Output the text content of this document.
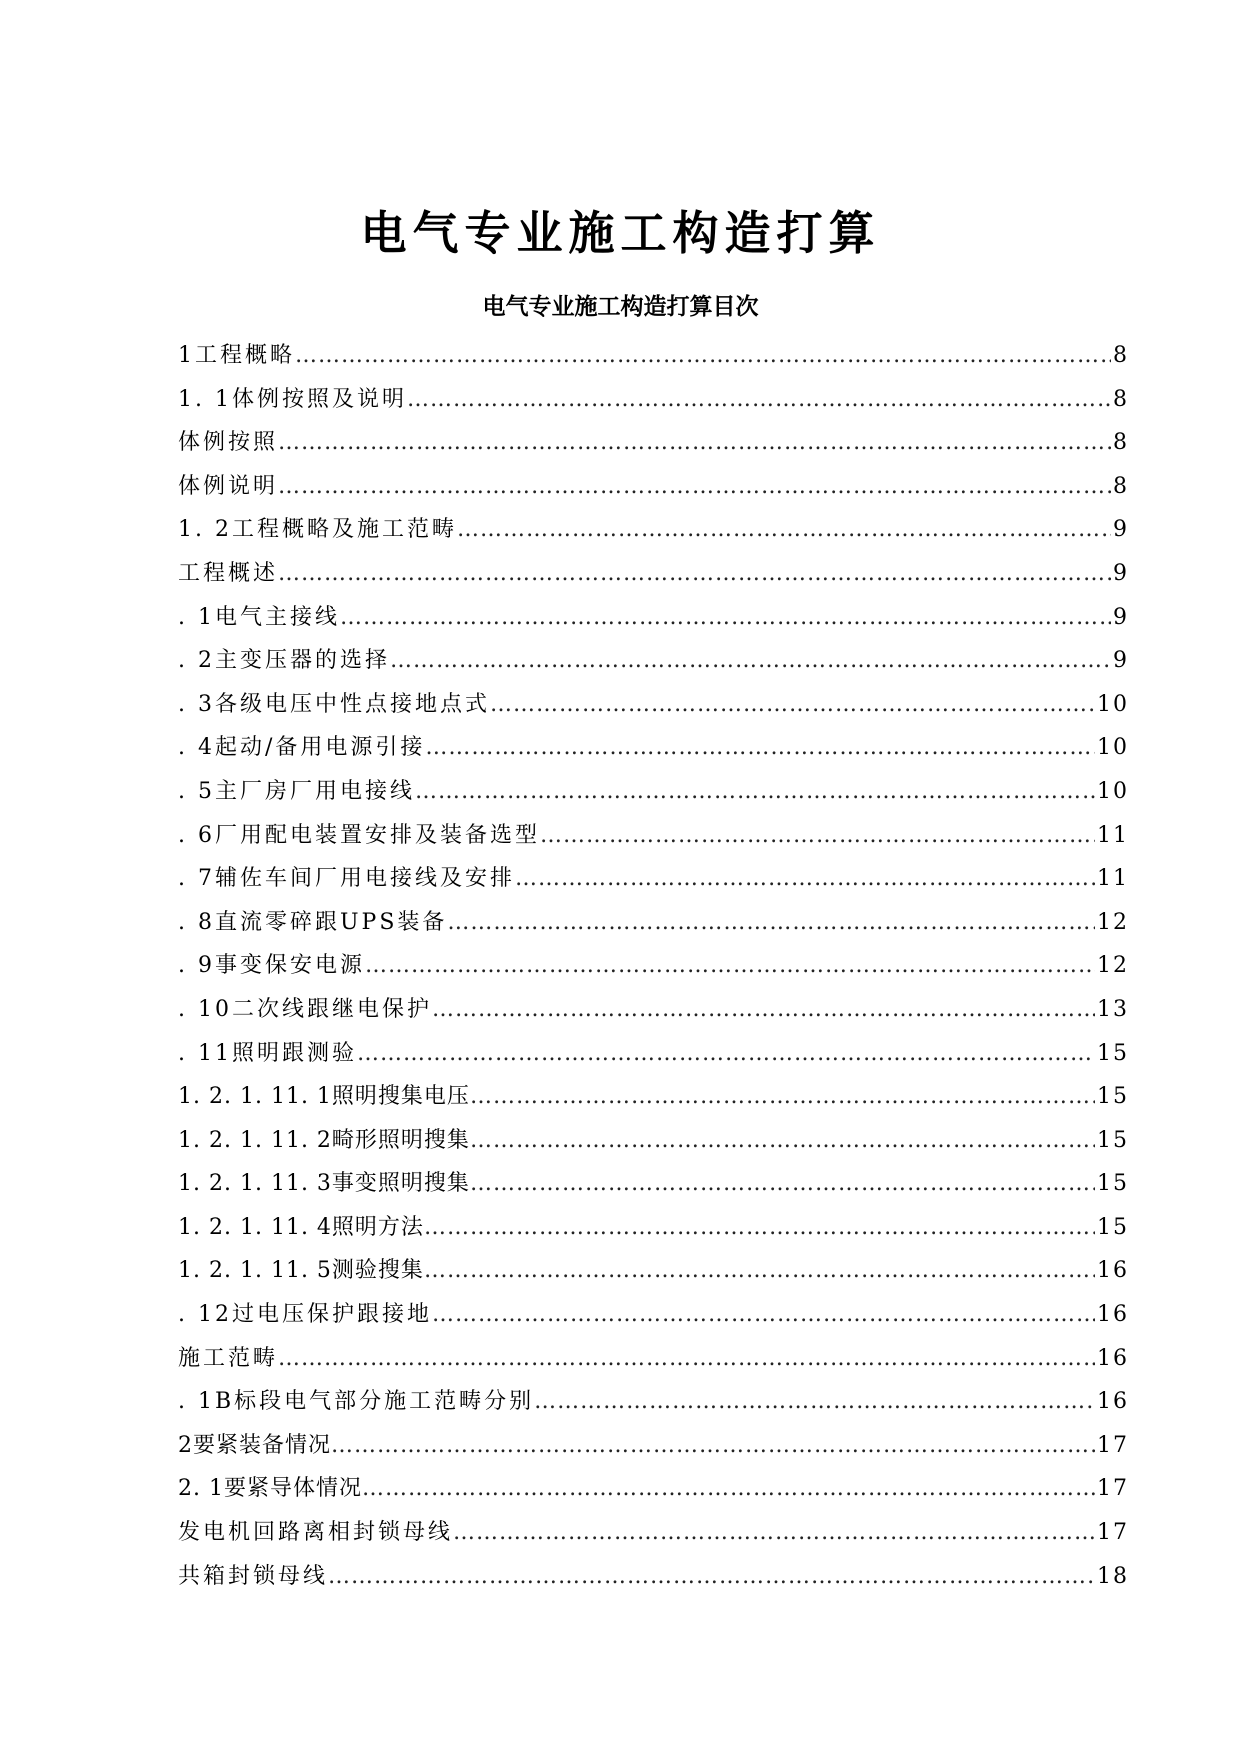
电气专业施工构造打算
电气专业施工构造打算目次
1工程概略 ……………………………………………………………………………………………………………………………………………………	8
1. 1体例按照及说明 ……………………………………………………………………………………………………………………………………………………	8
体例按照 ……………………………………………………………………………………………………………………………………………………	8
体例说明 ……………………………………………………………………………………………………………………………………………………	8
1. 2工程概略及施工范畴 ……………………………………………………………………………………………………………………………………………………	9
工程概述 ……………………………………………………………………………………………………………………………………………………	9
. 1电气主接线 ……………………………………………………………………………………………………………………………………………………	9
. 2主变压器的选择 ……………………………………………………………………………………………………………………………………………………	9
. 3各级电压中性点接地点式 ……………………………………………………………………………………………………………………………………………………	10
. 4起动/备用电源引接 ……………………………………………………………………………………………………………………………………………………	10
. 5主厂房厂用电接线 ……………………………………………………………………………………………………………………………………………………	10
. 6厂用配电装置安排及装备选型 ……………………………………………………………………………………………………………………………………………………	11
. 7辅佐车间厂用电接线及安排 ……………………………………………………………………………………………………………………………………………………	11
. 8直流零碎跟UPS装备 ……………………………………………………………………………………………………………………………………………………	12
. 9事变保安电源 ……………………………………………………………………………………………………………………………………………………	12
. 10二次线跟继电保护 ……………………………………………………………………………………………………………………………………………………	13
. 11照明跟测验 ……………………………………………………………………………………………………………………………………………………	15
1. 2. 1. 11. 1照明搜集电压 ……………………………………………………………………………………………………………………………………………………	15
1. 2. 1. 11. 2畸形照明搜集 ……………………………………………………………………………………………………………………………………………………	15
1. 2. 1. 11. 3事变照明搜集 ……………………………………………………………………………………………………………………………………………………	15
1. 2. 1. 11. 4照明方法 ……………………………………………………………………………………………………………………………………………………	15
1. 2. 1. 11. 5测验搜集 ……………………………………………………………………………………………………………………………………………………	16
. 12过电压保护跟接地 ……………………………………………………………………………………………………………………………………………………	16
施工范畴 ……………………………………………………………………………………………………………………………………………………	16
. 1B标段电气部分施工范畴分别 ……………………………………………………………………………………………………………………………………………………	16
2要紧装备情况 ……………………………………………………………………………………………………………………………………………………	17
2. 1要紧导体情况 ……………………………………………………………………………………………………………………………………………………	17
发电机回路离相封锁母线 ……………………………………………………………………………………………………………………………………………………	17
共箱封锁母线 ……………………………………………………………………………………………………………………………………………………	18
